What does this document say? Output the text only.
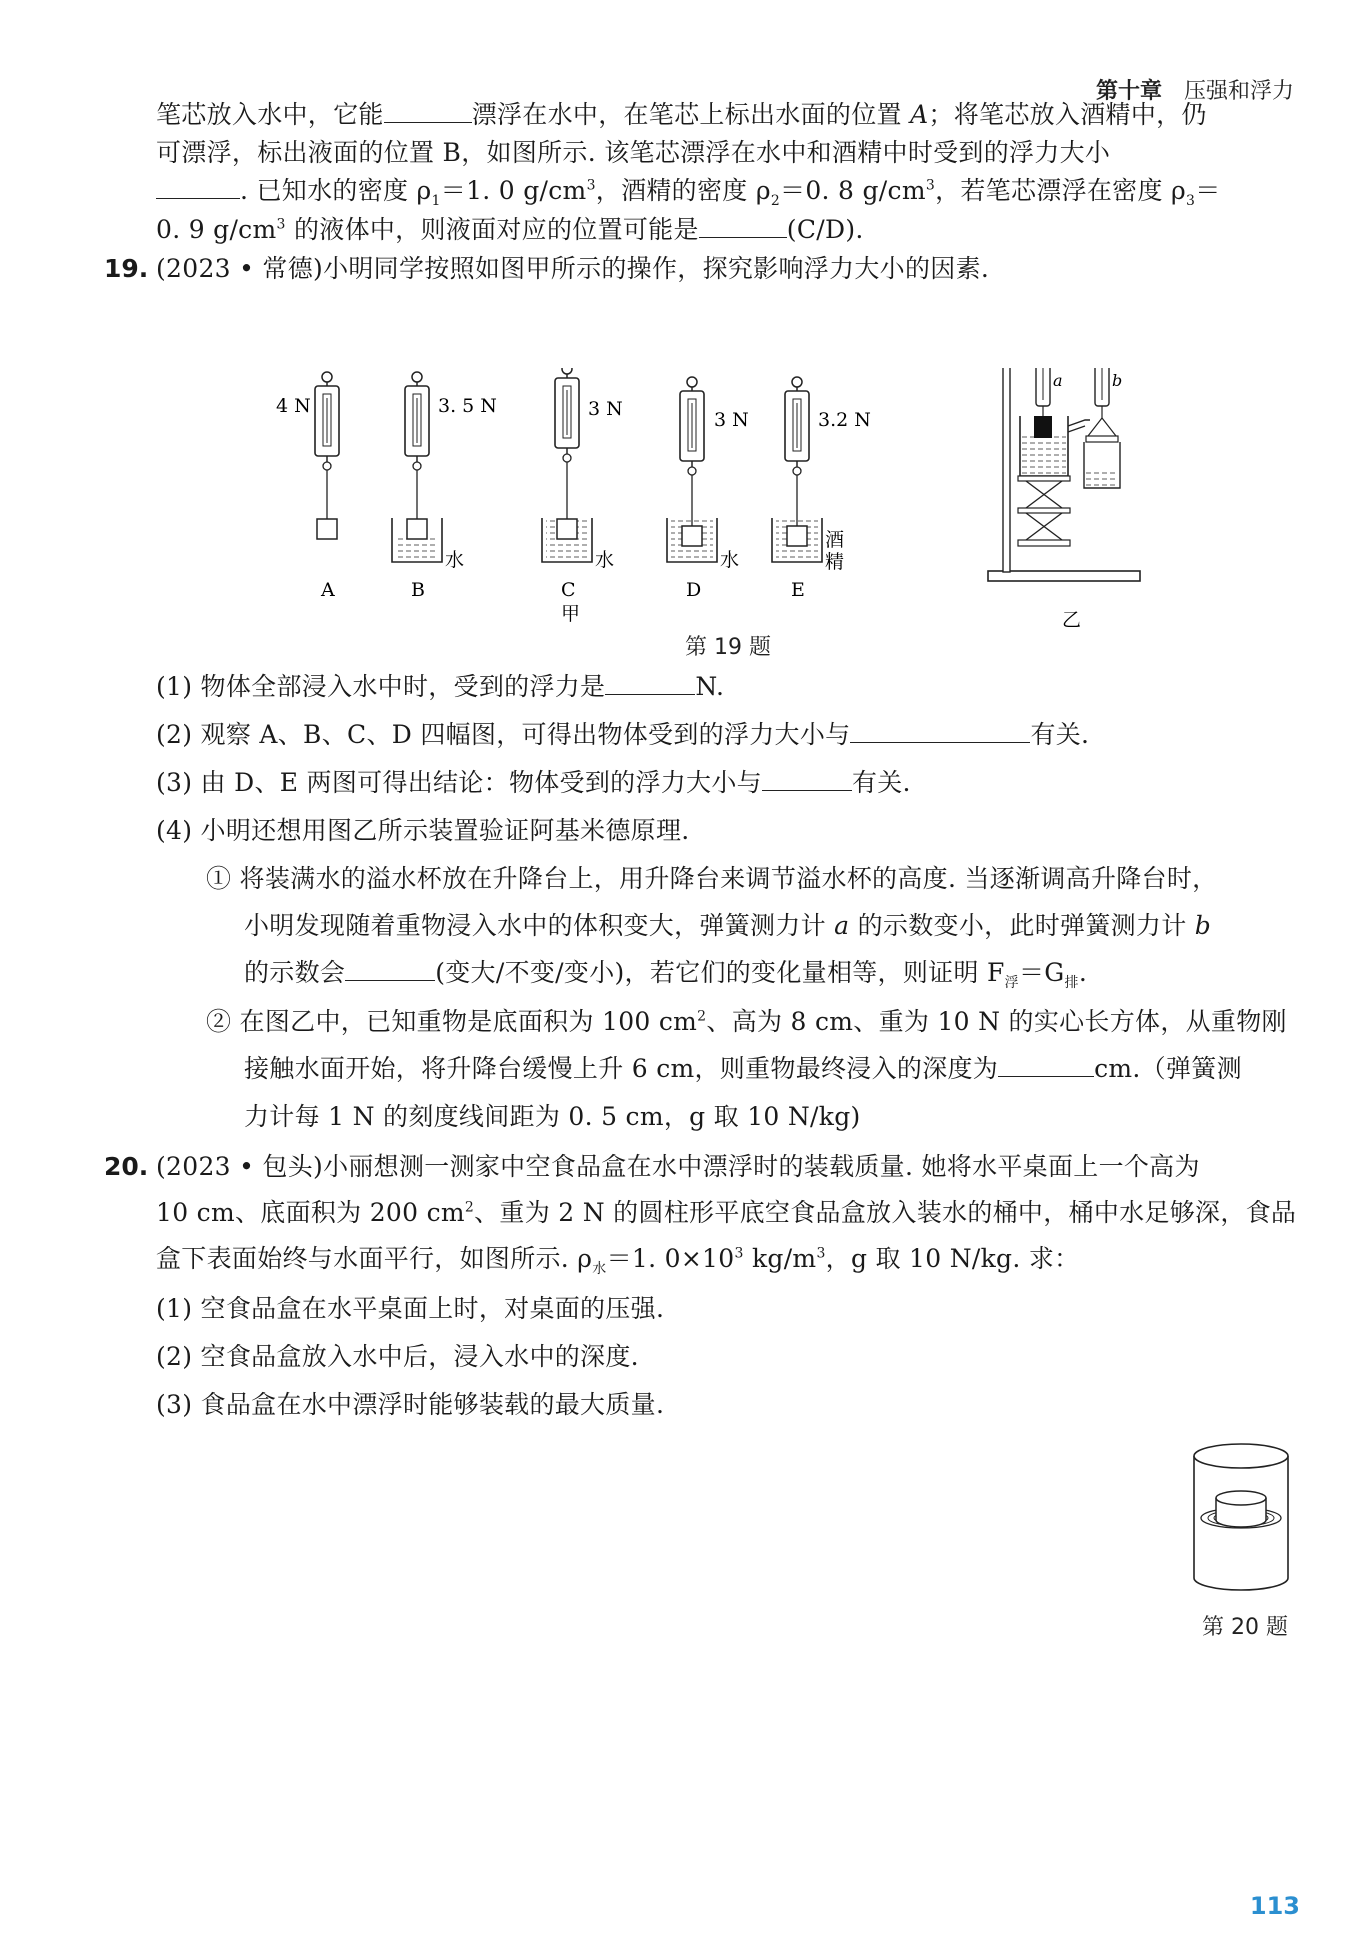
第十章 压强和浮力
笔芯放入水中，它能	漂浮在水中，在笔芯上标出水面的位置 A；将笔芯放入酒精中，仍
可漂浮，标出液面的位置 B，如图所示. 该笔芯漂浮在水中和酒精中时受到的浮力大小
. 已知水的密度 $\rho_1=1$. 0 $g/cm^3$，酒精的密度 $\rho_2=0$. 8 $g/cm^3$，若笔芯漂浮在密度 $\rho_3=$
0. 9 $g/cm^3$ 的液体中，则液面对应的位置可能是	(C/D).
19. (2023 • 常德)小明同学按照如图甲所示的操作，探究影响浮力大小的因素.
4 N	3. 5 N	3 N	3 N	3.2 N
水	水	水
酒
精
A	B	C	D	E
甲
a	b
乙
第 19 题
(1) 物体全部浸入水中时，受到的浮力是	N.
(2) 观察 A、B、C、D 四幅图，可得出物体受到的浮力大小与	有关.
(3) 由 D、E 两图可得出结论：物体受到的浮力大小与	有关.
(4) 小明还想用图乙所示装置验证阿基米德原理.
① 将装满水的溢水杯放在升降台上，用升降台来调节溢水杯的高度. 当逐渐调高升降台时，
小明发现随着重物浸入水中的体积变大，弹簧测力计 a 的示数变小，此时弹簧测力计 b
的示数会	(变大/不变/变小)，若它们的变化量相等，则证明 $F_浮=G_排$.
② 在图乙中，已知重物是底面积为 100 $cm^2$、高为 8 cm、重为 10 N 的实心长方体，从重物刚
接触水面开始，将升降台缓慢上升 6 cm，则重物最终浸入的深度为	cm.（弹簧测
力计每 1 N 的刻度线间距为 0. 5 cm，g 取 10 N/kg)
20. (2023 • 包头)小丽想测一测家中空食品盒在水中漂浮时的装载质量. 她将水平桌面上一个高为
10 cm、底面积为 200 $cm^2$、重为 2 N 的圆柱形平底空食品盒放入装水的桶中，桶中水足够深，食品
盒下表面始终与水面平行，如图所示. $\rho_水=1$. $0\times 10^3$ $kg/m^3$，g 取 10 N/kg. 求：
(1) 空食品盒在水平桌面上时，对桌面的压强.
(2) 空食品盒放入水中后，浸入水中的深度.
(3) 食品盒在水中漂浮时能够装载的最大质量.
第 20 题
113
